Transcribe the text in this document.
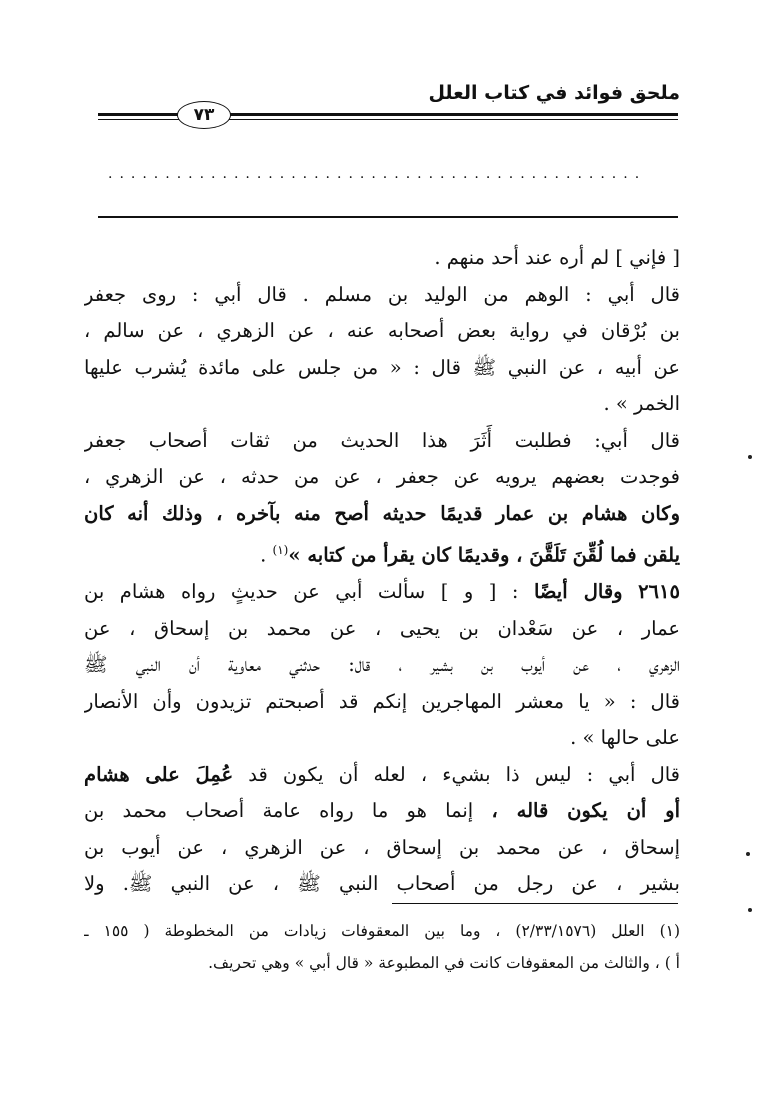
ملحق فوائد في كتاب العلل
٧٣
...............................................
[ فإني ] لم أره عند أحد منهم .
قال أبي : الوهم من الوليد بن مسلم . قال أبي : روى جعفر
بن بُرْقان في رواية بعض أصحابه عنه ، عن الزهري ، عن سالم ،
عن أبيه ، عن النبي ﷺ قال : « من جلس على مائدة يُشرب عليها
الخمر » .
قال أبي: فطلبت أَثَرَ هذا الحديث من ثقات أصحاب جعفر
فوجدت بعضهم يرويه عن جعفر ، عن من حدثه ، عن الزهري ،
وكان هشام بن عمار قديمًا حديثه أصح منه بآخره ، وذلك أنه كان
يلقن فما لُقِّنَ تَلَقَّنَ ، وقديمًا كان يقرأ من كتابه »$^{(١)}$ .
٢٦١٥ وقال أيضًا : [ و ] سألت أبي عن حديثٍ رواه هشام بن
عمار ، عن سَعْدان بن يحيى ، عن محمد بن إسحاق ، عن
الزهري ، عن أيوب بن بشير ، قال: حدثني معاوية أن النبي ﷺ
قال : « يا معشر المهاجرين إنكم قد أصبحتم تزيدون وأن الأنصار
على حالها » .
قال أبي : ليس ذا بشيء ، لعله أن يكون قد عُمِلَ على هشام
أو أن يكون قاله ، إنما هو ما رواه عامة أصحاب محمد بن
إسحاق ، عن محمد بن إسحاق ، عن الزهري ، عن أيوب بن
بشير ، عن رجل من أصحاب النبي ﷺ ، عن النبي ﷺ. ولا
(١) العلل (٢/٣٣/١٥٧٦) ، وما بين المعقوفات زيادات من المخطوطة ( ١٥٥ ـ
أ ) ، والثالث من المعقوفات كانت في المطبوعة « قال أبي » وهي تحريف.
